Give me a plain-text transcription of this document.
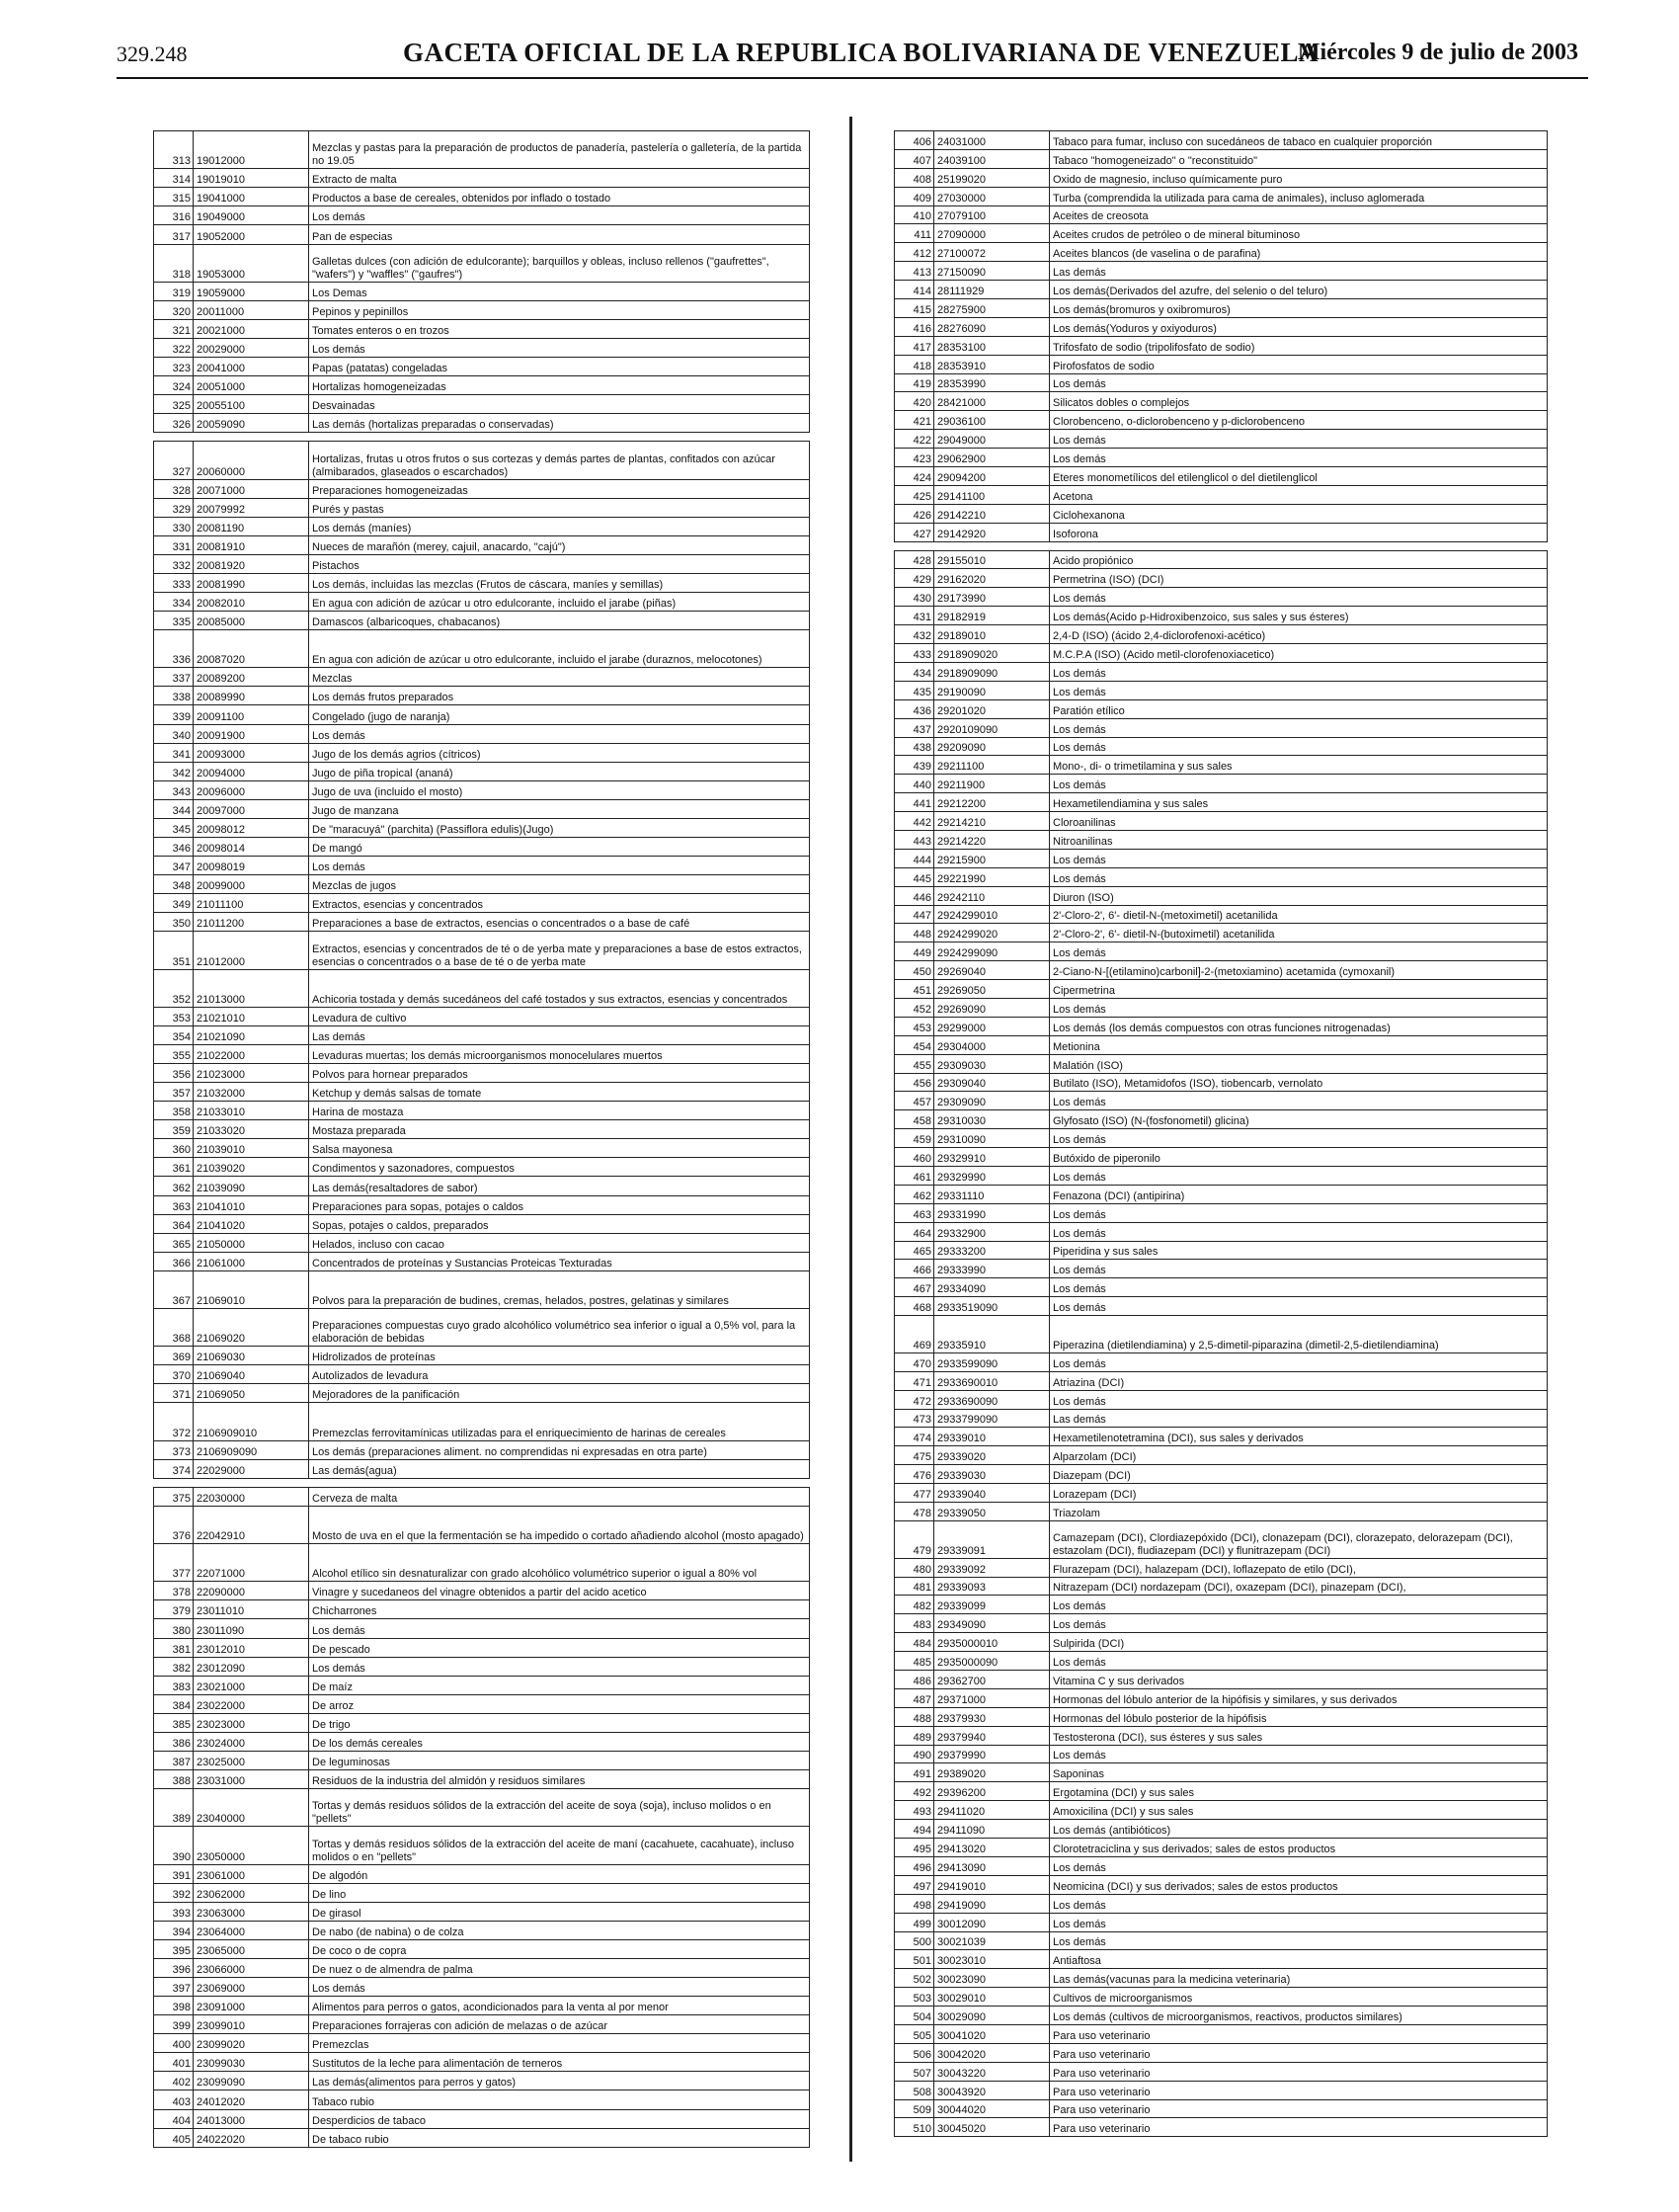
329.248	GACETA OFICIAL DE LA REPUBLICA BOLIVARIANA DE VENEZUELA
Miércoles 9 de julio de 2003
313	19012000	Mezclas y pastas para la preparación de productos de panadería, pastelería o galletería, de la partida no 19.05
314	19019010	Extracto de malta
315	19041000	Productos a base de cereales, obtenidos por inflado o tostado
316	19049000	Los demás
317	19052000	Pan de especias
318	19053000	Galletas dulces (con adición de edulcorante); barquillos y obleas, incluso rellenos ("gaufrettes", "wafers") y "waffles" ("gaufres")
319	19059000	Los Demas
320	20011000	Pepinos y pepinillos
321	20021000	Tomates enteros o en trozos
322	20029000	Los demás
323	20041000	Papas (patatas) congeladas
324	20051000	Hortalizas homogeneizadas
325	20055100	Desvainadas
326	20059090	Las demás (hortalizas preparadas o conservadas)

327	20060000	Hortalizas, frutas u otros frutos o sus cortezas y demás partes de plantas, confitados con azúcar (almibarados, glaseados o escarchados)
328	20071000	Preparaciones homogeneizadas
329	20079992	Purés y pastas
330	20081190	Los demás (maníes)
331	20081910	Nueces de marañón (merey, cajuil, anacardo, "cajú")
332	20081920	Pistachos
333	20081990	Los demás, incluidas las mezclas (Frutos de cáscara, maníes y semillas)
334	20082010	En agua con adición de azúcar u otro edulcorante, incluido el jarabe (piñas)
335	20085000	Damascos (albaricoques, chabacanos)
336	20087020	En agua con adición de azúcar u otro edulcorante, incluido el jarabe (duraznos, melocotones)
337	20089200	Mezclas
338	20089990	Los demás frutos preparados
339	20091100	Congelado (jugo de naranja)
340	20091900	Los demás
341	20093000	Jugo de los demás agrios (cítricos)
342	20094000	Jugo de piña tropical (ananá)
343	20096000	Jugo de uva (incluido el mosto)
344	20097000	Jugo de manzana
345	20098012	De "maracuyá" (parchita) (Passiflora edulis)(Jugo)
346	20098014	De mangó
347	20098019	Los demás
348	20099000	Mezclas de jugos
349	21011100	Extractos, esencias y concentrados
350	21011200	Preparaciones a base de extractos, esencias o concentrados o a base de café
351	21012000	Extractos, esencias y concentrados de té o de yerba mate y preparaciones a base de estos extractos, esencias o concentrados o a base de té o de yerba mate
352	21013000	Achicoria tostada y demás sucedáneos del café tostados y sus extractos, esencias y concentrados
353	21021010	Levadura de cultivo
354	21021090	Las demás
355	21022000	Levaduras muertas; los demás microorganismos monocelulares muertos
356	21023000	Polvos para hornear preparados
357	21032000	Ketchup y demás salsas de tomate
358	21033010	Harina de mostaza
359	21033020	Mostaza preparada
360	21039010	Salsa mayonesa
361	21039020	Condimentos y sazonadores, compuestos
362	21039090	Las demás(resaltadores de sabor)
363	21041010	Preparaciones para sopas, potajes o caldos
364	21041020	Sopas, potajes o caldos, preparados
365	21050000	Helados, incluso con cacao
366	21061000	Concentrados de proteínas y Sustancias Proteicas Texturadas
367	21069010	Polvos para la preparación de budines, cremas, helados, postres, gelatinas y similares
368	21069020	Preparaciones compuestas cuyo grado alcohólico volumétrico sea inferior o igual a 0,5% vol, para la elaboración de bebidas
369	21069030	Hidrolizados de proteínas
370	21069040	Autolizados de levadura
371	21069050	Mejoradores de la panificación
372	2106909010	Premezclas ferrovitamínicas utilizadas para el enriquecimiento de harinas de cereales
373	2106909090	Los demás (preparaciones aliment. no comprendidas ni expresadas en otra parte)
374	22029000	Las demás(agua)

375	22030000	Cerveza de malta
376	22042910	Mosto de uva en el que la fermentación se ha impedido o cortado añadiendo alcohol (mosto apagado)
377	22071000	Alcohol etílico sin desnaturalizar con grado alcohólico volumétrico superior o igual a 80% vol
378	22090000	Vinagre y sucedaneos del vinagre obtenidos a partir del acido acetico
379	23011010	Chicharrones
380	23011090	Los demás
381	23012010	De pescado
382	23012090	Los demás
383	23021000	De maíz
384	23022000	De arroz
385	23023000	De trigo
386	23024000	De los demás cereales
387	23025000	De leguminosas
388	23031000	Residuos de la industria del almidón y residuos similares
389	23040000	Tortas y demás residuos sólidos de la extracción del aceite de soya (soja), incluso molidos o en "pellets"
390	23050000	Tortas y demás residuos sólidos de la extracción del aceite de maní (cacahuete, cacahuate), incluso molidos o en "pellets"
391	23061000	De algodón
392	23062000	De lino
393	23063000	De girasol
394	23064000	De nabo (de nabina) o de colza
395	23065000	De coco o de copra
396	23066000	De nuez o de almendra de palma
397	23069000	Los demás
398	23091000	Alimentos para perros o gatos, acondicionados para la venta al por menor
399	23099010	Preparaciones forrajeras con adición de melazas o de azúcar
400	23099020	Premezclas
401	23099030	Sustitutos de la leche para alimentación de terneros
402	23099090	Las demás(alimentos para perros y gatos)
403	24012020	Tabaco rubio
404	24013000	Desperdicios de tabaco
405	24022020	De tabaco rubio
406	24031000	Tabaco para fumar, incluso con sucedáneos de tabaco en cualquier proporción
407	24039100	Tabaco "homogeneizado" o "reconstituido"
408	25199020	Oxido de magnesio, incluso químicamente puro
409	27030000	Turba (comprendida la utilizada para cama de animales), incluso aglomerada
410	27079100	Aceites de creosota
411	27090000	Aceites crudos de petróleo o de mineral bituminoso
412	27100072	Aceites blancos (de vaselina o de parafina)
413	27150090	Las demás
414	28111929	Los demás(Derivados del azufre, del selenio o del teluro)
415	28275900	Los demás(bromuros y oxibromuros)
416	28276090	Los demás(Yoduros y oxiyoduros)
417	28353100	Trifosfato de sodio (tripolifosfato de sodio)
418	28353910	Pirofosfatos de sodio
419	28353990	Los demás
420	28421000	Silicatos dobles o complejos
421	29036100	Clorobenceno, o-diclorobenceno y p-diclorobenceno
422	29049000	Los demás
423	29062900	Los demás
424	29094200	Eteres monometílicos del etilenglicol o del dietilenglicol
425	29141100	Acetona
426	29142210	Ciclohexanona
427	29142920	Isoforona

428	29155010	Acido propiónico
429	29162020	Permetrina (ISO) (DCI)
430	29173990	Los demás
431	29182919	Los demás(Acido p-Hidroxibenzoico, sus sales y sus ésteres)
432	29189010	2,4-D (ISO) (ácido 2,4-diclorofenoxi-acético)
433	2918909020	M.C.P.A (ISO) (Acido metil-clorofenoxiacetico)
434	2918909090	Los demás
435	29190090	Los demás
436	29201020	Paratión etílico
437	2920109090	Los demás
438	29209090	Los demás
439	29211100	Mono-, di- o trimetilamina y sus sales
440	29211900	Los demás
441	29212200	Hexametilendiamina y sus sales
442	29214210	Cloroanilinas
443	29214220	Nitroanilinas
444	29215900	Los demás
445	29221990	Los demás
446	29242110	Diuron (ISO)
447	2924299010	2'-Cloro-2', 6'- dietil-N-(metoximetil) acetanilida
448	2924299020	2'-Cloro-2', 6'- dietil-N-(butoximetil) acetanilida
449	2924299090	Los demás
450	29269040	2-Ciano-N-[(etilamino)carbonil]-2-(metoxiamino) acetamida (cymoxanil)
451	29269050	Cipermetrina
452	29269090	Los demás
453	29299000	Los demás (los demás compuestos con otras funciones nitrogenadas)
454	29304000	Metionina
455	29309030	Malatión (ISO)
456	29309040	Butilato (ISO), Metamidofos (ISO), tiobencarb, vernolato
457	29309090	Los demás
458	29310030	Glyfosato (ISO) (N-(fosfonometil) glicina)
459	29310090	Los demás
460	29329910	Butóxido de piperonilo
461	29329990	Los demás
462	29331110	Fenazona (DCI) (antipirina)
463	29331990	Los demás
464	29332900	Los demás
465	29333200	Piperidina y sus sales
466	29333990	Los demás
467	29334090	Los demás
468	2933519090	Los demás
469	29335910	Piperazina (dietilendiamina) y 2,5-dimetil-piparazina (dimetil-2,5-dietilendiamina)
470	2933599090	Los demás
471	2933690010	Atriazina (DCI)
472	2933690090	Los demás
473	2933799090	Las demás
474	29339010	Hexametilenotetramina (DCI), sus sales y derivados
475	29339020	Alparzolam (DCI)
476	29339030	Diazepam (DCI)
477	29339040	Lorazepam (DCI)
478	29339050	Triazolam
479	29339091	Camazepam (DCI), Clordiazepóxido (DCI), clonazepam (DCI), clorazepato, delorazepam (DCI), estazolam (DCI), fludiazepam (DCI) y flunitrazepam (DCI)
480	29339092	Flurazepam (DCI), halazepam (DCI), loflazepato de etilo (DCI),
481	29339093	Nitrazepam (DCI) nordazepam (DCI), oxazepam (DCI), pinazepam (DCI),
482	29339099	Los demás
483	29349090	Los demás
484	2935000010	Sulpirida (DCI)
485	2935000090	Los demás
486	29362700	Vitamina C y sus derivados
487	29371000	Hormonas del lóbulo anterior de la hipófisis y similares, y sus derivados
488	29379930	Hormonas del lóbulo posterior de la hipófisis
489	29379940	Testosterona (DCI), sus ésteres y sus sales
490	29379990	Los demás
491	29389020	Saponinas
492	29396200	Ergotamina (DCI) y sus sales
493	29411020	Amoxicilina (DCI) y sus sales
494	29411090	Los demás (antibióticos)
495	29413020	Clorotetraciclina y sus derivados; sales de estos productos
496	29413090	Los demás
497	29419010	Neomicina (DCI) y sus derivados; sales de estos productos
498	29419090	Los demás
499	30012090	Los demás
500	30021039	Los demás
501	30023010	Antiaftosa
502	30023090	Las demás(vacunas para la medicina veterinaria)
503	30029010	Cultivos de microorganismos
504	30029090	Los demás (cultivos de microorganismos, reactivos, productos similares)
505	30041020	Para uso veterinario
506	30042020	Para uso veterinario
507	30043220	Para uso veterinario
508	30043920	Para uso veterinario
509	30044020	Para uso veterinario
510	30045020	Para uso veterinario
